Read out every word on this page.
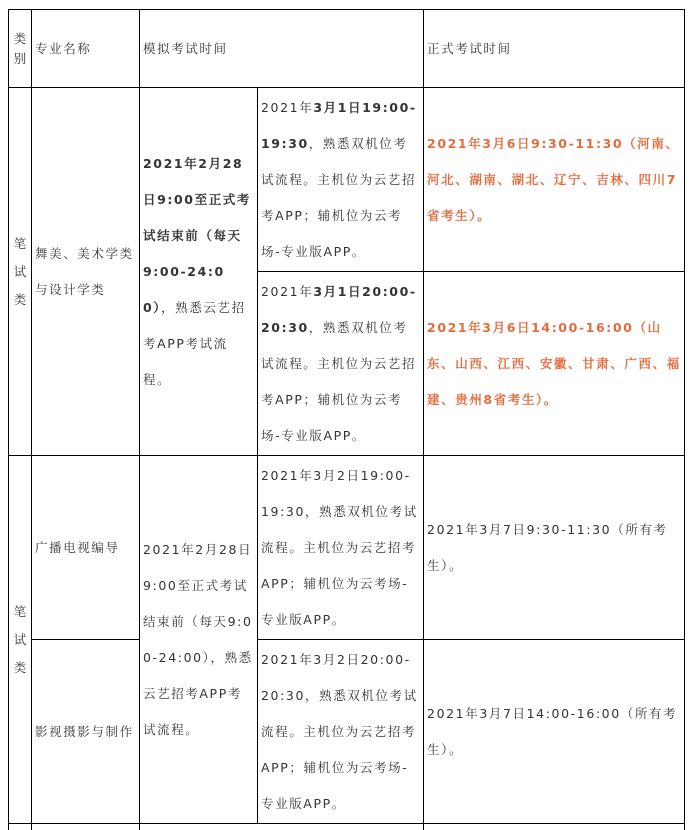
类别	专业名称	模拟考试时间		正式考试时间

笔试类	舞美、美术学类与设计学类	2021年2月28日9:00至正式考试结束前（每天9:00-24:00），熟悉云艺招考APP考试流程。	2021年3月1日19:00-19:30，熟悉双机位考试流程。主机位为云艺招考APP；辅机位为云考场-专业版APP。	2021年3月6日9:30-11:30（河南、河北、湖南、湖北、辽宁、吉林、四川7省考生）。
			2021年3月1日20:00-20:30，熟悉双机位考试流程。主机位为云艺招考APP；辅机位为云考场-专业版APP。	2021年3月6日14:00-16:00（山东、山西、江西、安徽、甘肃、广西、福建、贵州8省考生）。

笔试类	广播电视编导	2021年2月28日9:00至正式考试结束前（每天9:00-24:00），熟悉云艺招考APP考试流程。	2021年3月2日19:00-19:30，熟悉双机位考试流程。主机位为云艺招考APP；辅机位为云考场-专业版APP。	2021年3月7日9:30-11:30（所有考生）。
	影视摄影与制作		2021年3月2日20:00-20:30，熟悉双机位考试流程。主机位为云艺招考APP；辅机位为云考场-专业版APP。	2021年3月7日14:00-16:00（所有考生）。
